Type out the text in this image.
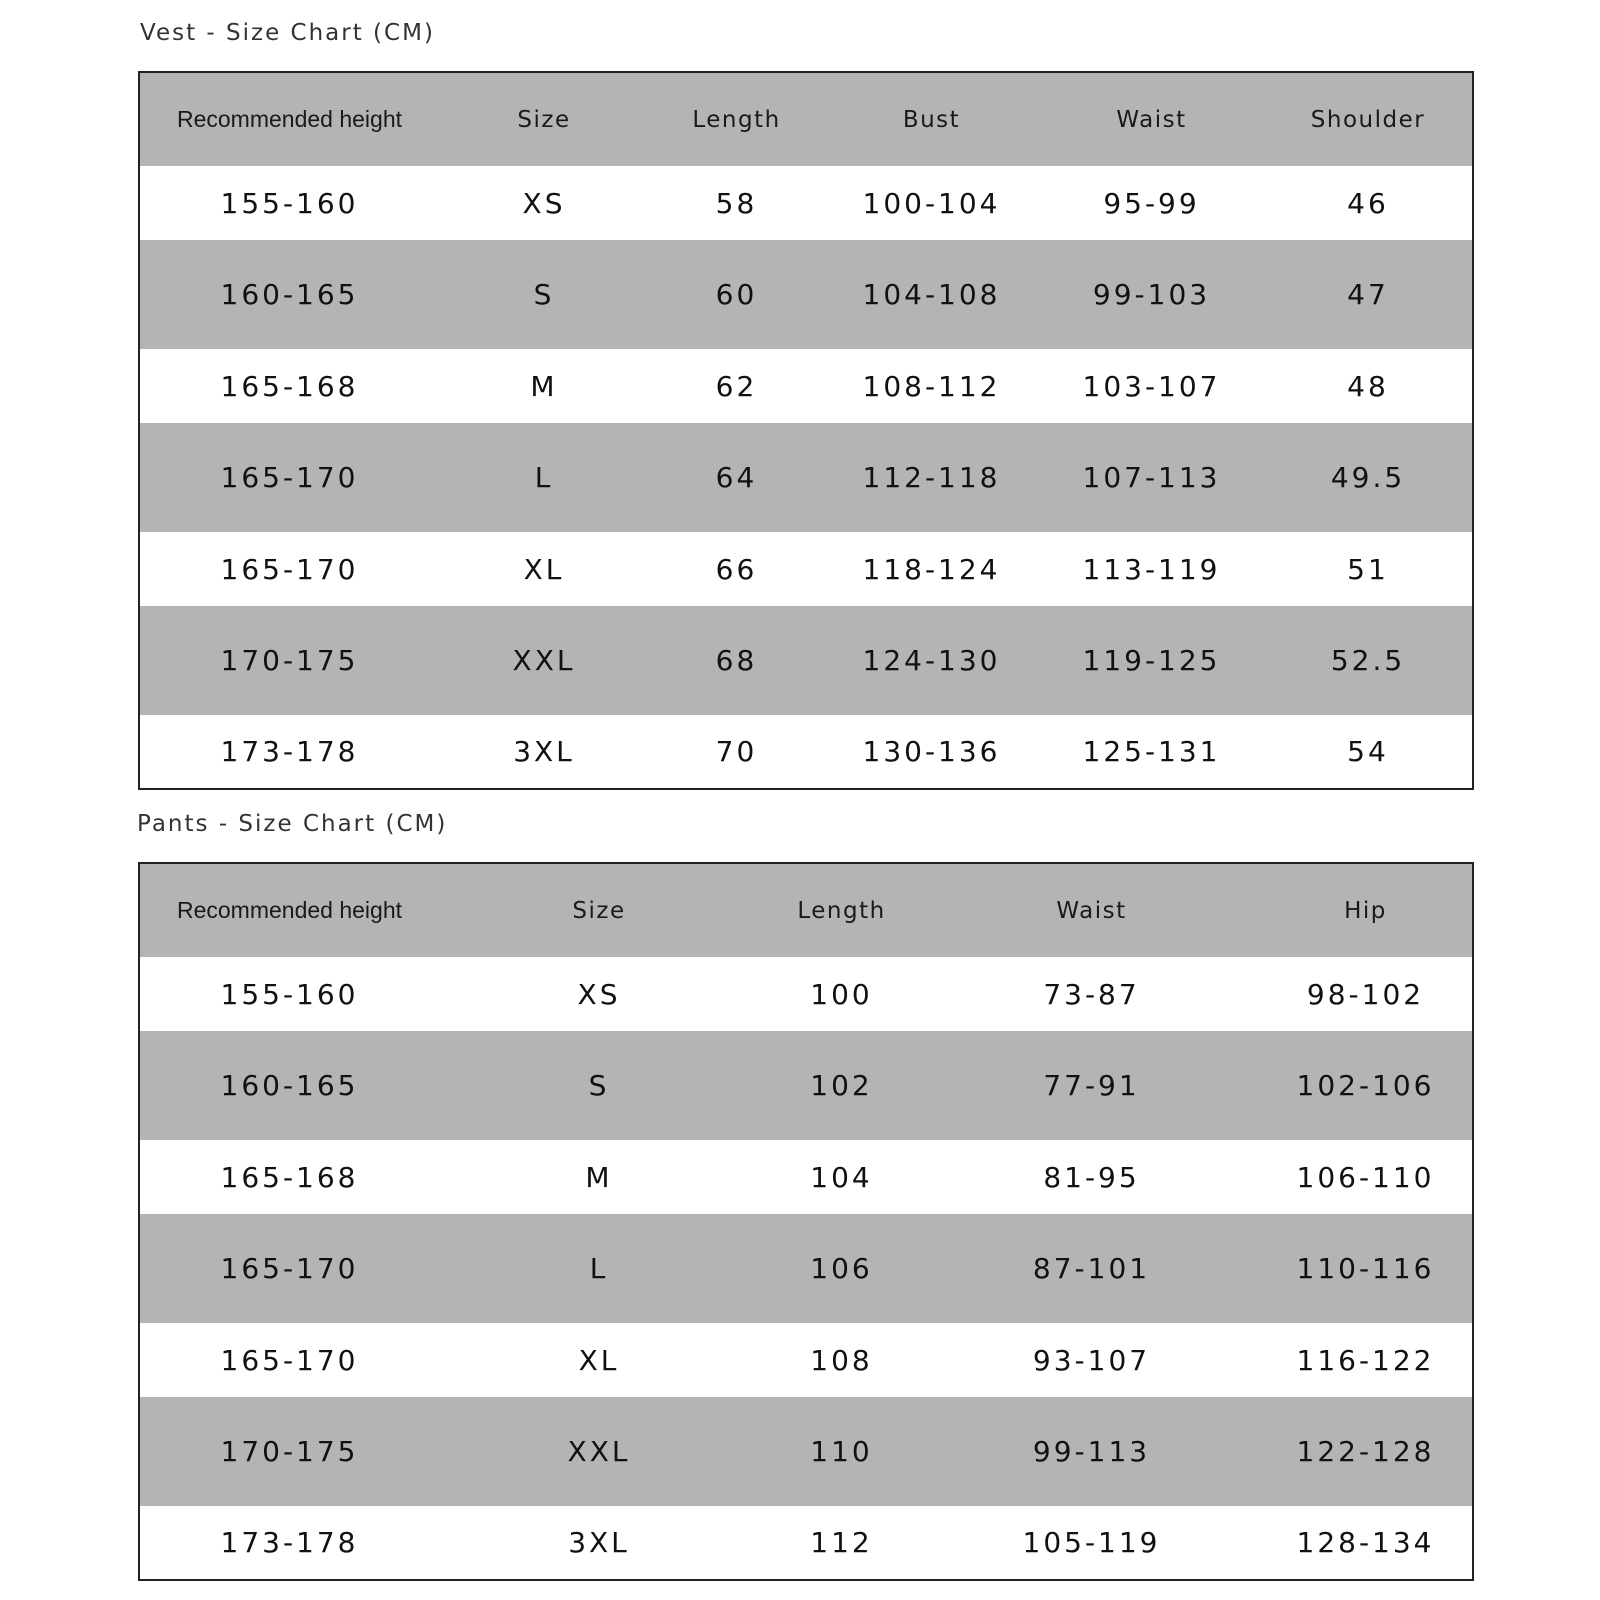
Vest - Size Chart (CM)
Recommended height	Size	Length	Bust	Waist	Shoulder
155-160	XS	58	100-104	95-99	46
160-165	S	60	104-108	99-103	47
165-168	M	62	108-112	103-107	48
165-170	L	64	112-118	107-113	49.5
165-170	XL	66	118-124	113-119	51
170-175	XXL	68	124-130	119-125	52.5
173-178	3XL	70	130-136	125-131	54
Pants - Size Chart (CM)
Recommended height	Size	Length	Waist	Hip
155-160	XS	100	73-87	98-102
160-165	S	102	77-91	102-106
165-168	M	104	81-95	106-110
165-170	L	106	87-101	110-116
165-170	XL	108	93-107	116-122
170-175	XXL	110	99-113	122-128
173-178	3XL	112	105-119	128-134
